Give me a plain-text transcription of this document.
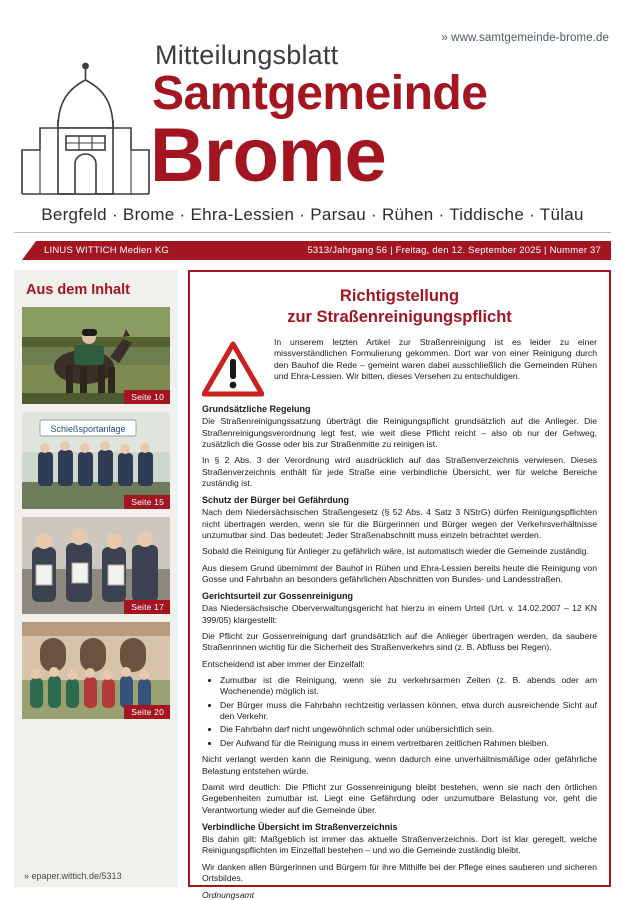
» www.samtgemeinde-brome.de
Mitteilungsblatt
Samtgemeinde
Brome
Bergfeld · Brome · Ehra-Lessien · Parsau · Rühen · Tiddische · Tülau
LINUS WITTICH Medien KG	5313/Jahrgang 56 | Freitag, den 12. September 2025 | Nummer 37
Aus dem Inhalt
Seite 10
Schießsportanlage
Seite 15
Seite 17
Seite 20
» epaper.wittich.de/5313
Richtigstellung
zur Straßenreinigungspflicht
In unserem letzten Artikel zur Straßenreinigung ist es leider zu einer missverständlichen Formulierung gekommen. Dort war von einer Reinigung durch den Bauhof die Rede – gemeint waren dabei ausschließlich die Gemeinden Rühen und Ehra-Lessien. Wir bitten, dieses Versehen zu entschuldigen.
Grundsätzliche Regelung

Die Straßenreinigungssatzung überträgt die Reinigungspflicht grundsätzlich auf die Anlieger. Die Straßenreinigungsverordnung legt fest, wie weit diese Pflicht reicht – also ob nur der Gehweg, zusätzlich die Gosse oder bis zur Straßenmitte zu reinigen ist.

In § 2 Abs. 3 der Verordnung wird ausdrücklich auf das Straßenverzeichnis verwiesen. Dieses Straßenverzeichnis enthält für jede Straße eine verbindliche Übersicht, wer für welche Bereiche zuständig ist.

Schutz der Bürger bei Gefährdung

Nach dem Niedersächsischen Straßengesetz (§ 52 Abs. 4 Satz 3 NStrG) dürfen Reinigungspflichten nicht übertragen werden, wenn sie für die Bürgerinnen und Bürger wegen der Verkehrsverhältnisse unzumutbar sind. Das bedeutet: Jeder Straßenabschnitt muss einzeln betrachtet werden.

Sobald die Reinigung für Anlieger zu gefährlich wäre, ist automatisch wieder die Gemeinde zuständig.

Aus diesem Grund übernimmt der Bauhof in Rühen und Ehra-Lessien bereits heute die Reinigung von Gosse und Fahrbahn an besonders gefährlichen Abschnitten von Bundes- und Landesstraßen.

Gerichtsurteil zur Gossenreinigung

Das Niedersächsische Oberverwaltungsgericht hat hierzu in einem Urteil (Urt. v. 14.02.2007 – 12 KN 399/05) klargestellt:

Die Pflicht zur Gossenreinigung darf grundsätzlich auf die Anlieger übertragen werden, da saubere Straßenrinnen wichtig für die Sicherheit des Straßenverkehrs sind (z. B. Abfluss bei Regen).

Entscheidend ist aber immer der Einzelfall:

• Zumutbar ist die Reinigung, wenn sie zu verkehrsarmen Zeiten (z. B. abends oder am Wochenende) möglich ist.
• Der Bürger muss die Fahrbahn rechtzeitig verlassen können, etwa durch ausreichende Sicht auf den Verkehr.
• Die Fahrbahn darf nicht ungewöhnlich schmal oder unübersichtlich sein.
• Der Aufwand für die Reinigung muss in einem vertretbaren zeitlichen Rahmen bleiben.

Nicht verlangt werden kann die Reinigung, wenn dadurch eine unverhältnismäßige oder gefährliche Belastung entstehen würde.

Damit wird deutlich: Die Pflicht zur Gossenreinigung bleibt bestehen, wenn sie nach den örtlichen Gegebenheiten zumutbar ist. Liegt eine Gefährdung oder unzumutbare Belastung vor, geht die Verantwortung wieder auf die Gemeinde über.

Verbindliche Übersicht im Straßenverzeichnis

Bis dahin gilt: Maßgeblich ist immer das aktuelle Straßenverzeichnis. Dort ist klar geregelt, welche Reinigungspflichten im Einzelfall bestehen – und wo die Gemeinde zuständig bleibt.

Wir danken allen Bürgerinnen und Bürgern für ihre Mithilfe bei der Pflege eines sauberen und sicheren Ortsbildes.

Ordnungsamt
